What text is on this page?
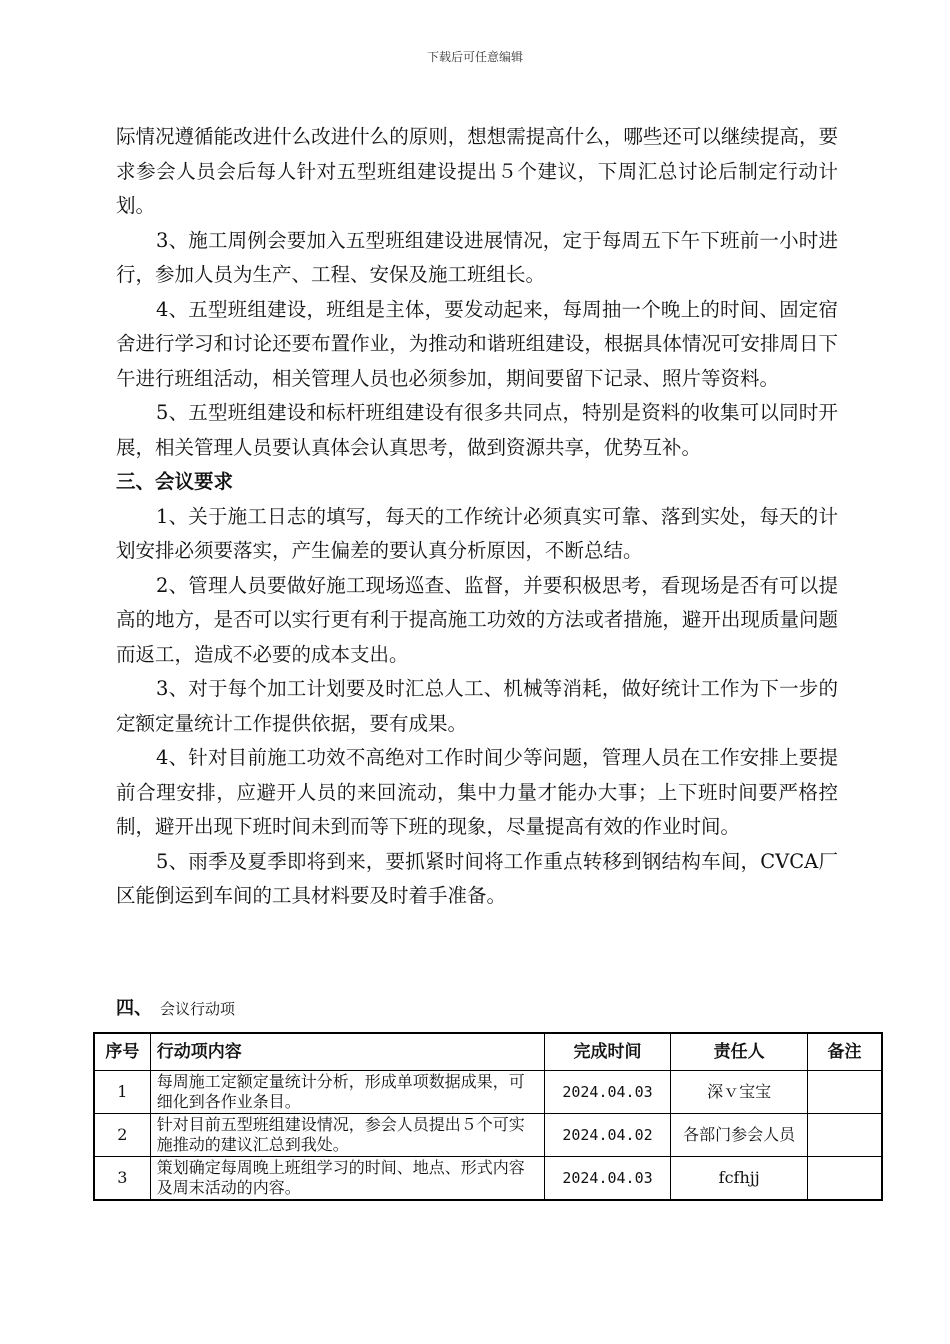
下载后可任意编辑

际情况遵循能改进什么改进什么的原则，想想需提高什么，哪些还可以继续提高，要求参会人员会后每人针对五型班组建设提出５个建议，下周汇总讨论后制定行动计划。

3、施工周例会要加入五型班组建设进展情况，定于每周五下午下班前一小时进行，参加人员为生产、工程、安保及施工班组长。

4、五型班组建设，班组是主体，要发动起来，每周抽一个晚上的时间、固定宿舍进行学习和讨论还要布置作业，为推动和谐班组建设，根据具体情况可安排周日下午进行班组活动，相关管理人员也必须参加，期间要留下记录、照片等资料。

5、五型班组建设和标杆班组建设有很多共同点，特别是资料的收集可以同时开展，相关管理人员要认真体会认真思考，做到资源共享，优势互补。

三、会议要求

1、关于施工日志的填写，每天的工作统计必须真实可靠、落到实处，每天的计划安排必须要落实，产生偏差的要认真分析原因，不断总结。

2、管理人员要做好施工现场巡查、监督，并要积极思考，看现场是否有可以提高的地方，是否可以实行更有利于提高施工功效的方法或者措施，避开出现质量问题而返工，造成不必要的成本支出。

3、对于每个加工计划要及时汇总人工、机械等消耗，做好统计工作为下一步的定额定量统计工作提供依据，要有成果。

4、针对目前施工功效不高绝对工作时间少等问题，管理人员在工作安排上要提前合理安排，应避开人员的来回流动，集中力量才能办大事；上下班时间要严格控制，避开出现下班时间未到而等下班的现象，尽量提高有效的作业时间。

5、雨季及夏季即将到来，要抓紧时间将工作重点转移到钢结构车间，CVCA厂区能倒运到车间的工具材料要及时着手准备。

四、 会议行动项
序号	行动项内容	完成时间	责任人	备注
1	每周施工定额定量统计分析，形成单项数据成果，可细化到各作业条目。	2024.04.03	深ｖ宝宝	
2	针对目前五型班组建设情况，参会人员提出５个可实施推动的建议汇总到我处。	2024.04.02	各部门参会人员	
3	策划确定每周晚上班组学习的时间、地点、形式内容及周末活动的内容。	2024.04.03	fcfhjj	
